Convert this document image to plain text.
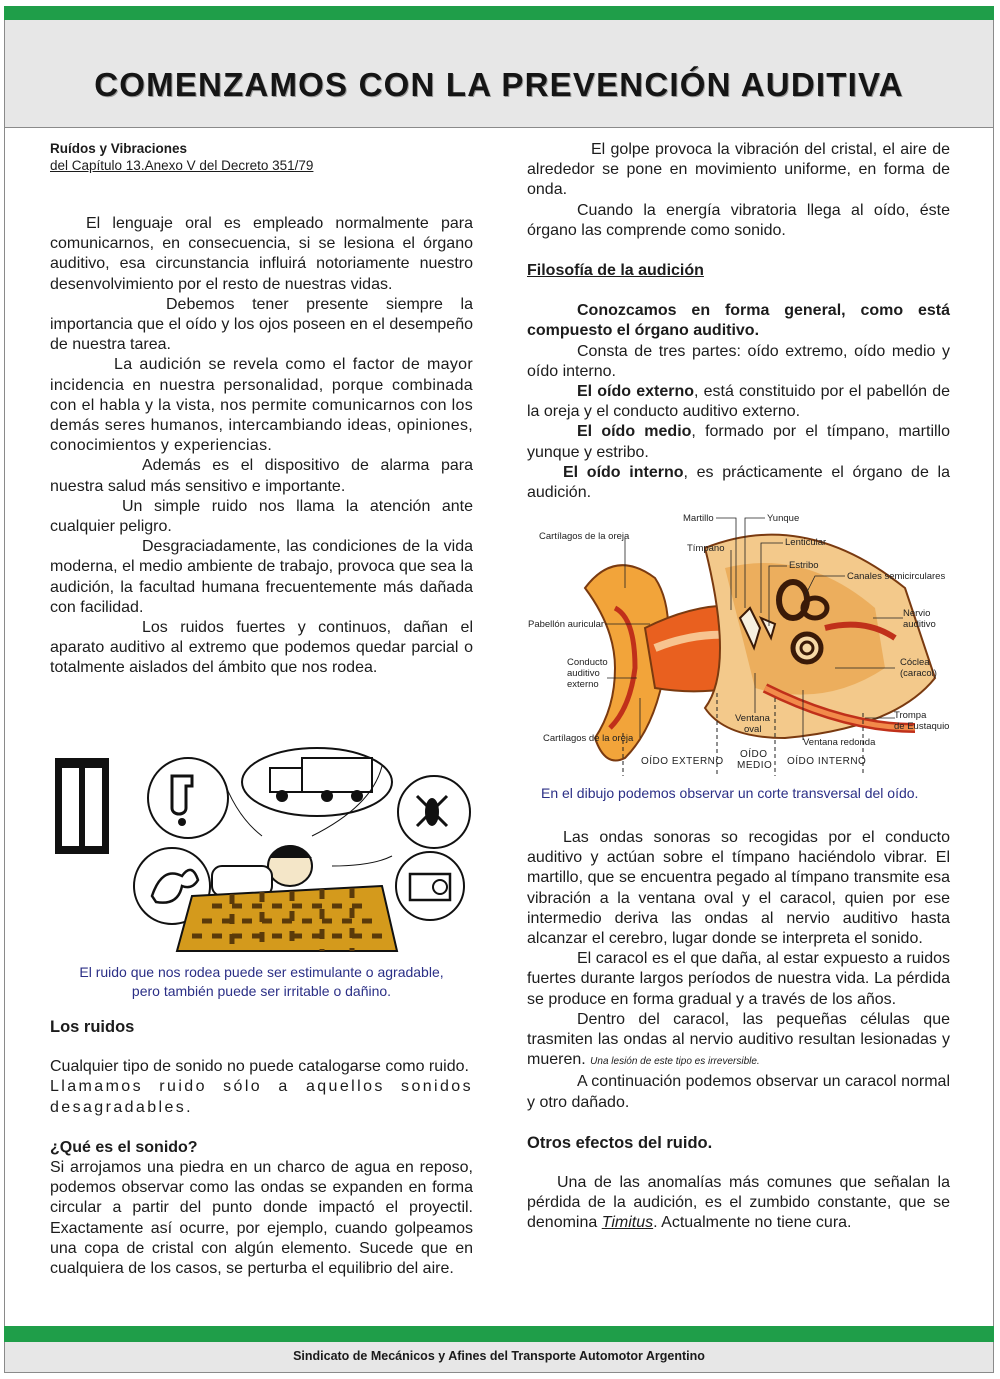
COMENZAMOS CON LA PREVENCIÓN AUDITIVA
Ruídos y Vibraciones
del Capítulo 13.Anexo V del Decreto 351/79

El lenguaje oral es empleado normalmente para comunicarnos, en consecuencia, si se lesiona el órgano auditivo, esa circunstancia influirá notoriamente nuestro desenvolvimiento por el resto de nuestras vidas.

Debemos tener presente siempre la importancia que el oído y los ojos poseen en el desempeño de nuestra tarea.

La audición se revela como el factor de mayor incidencia en nuestra personalidad, porque combinada con el habla y la vista, nos permite comunicarnos con los demás seres humanos, intercambiando ideas, opiniones, conocimientos y experiencias.

Además es el dispositivo de alarma para nuestra salud más sensitivo e importante.

Un simple ruido nos llama la atención ante cualquier peligro.

Desgraciadamente, las condiciones de la vida moderna, el medio ambiente de trabajo, provoca que sea la audición, la facultad humana frecuentemente más dañada con facilidad.

Los ruidos fuertes y continuos, dañan el aparato auditivo al extremo que podemos quedar parcial o totalmente aislados del ámbito que nos rodea.

El ruido que nos rodea puede ser estimulante o agradable,
pero también puede ser irritable o dañino.
Los ruidos

Cualquier tipo de sonido no puede catalogarse como ruido.

Llamamos ruido sólo a aquellos sonidos desagradables.

¿Qué es el sonido?

Si arrojamos una piedra en un charco de agua en reposo, podemos observar como las ondas se expanden en forma circular a partir del punto donde impactó el proyectil. Exactamente así ocurre, por ejemplo, cuando golpeamos una copa de cristal con algún elemento. Sucede que en cualquiera de los casos, se perturba el equilibrio del aire.

El golpe provoca la vibración del cristal, el aire de alrededor se pone en movimiento uniforme, en forma de onda.

Cuando la energía vibratoria llega al oído, éste órgano las comprende como sonido.

Filosofía de la audición

Conozcamos en forma general, como está compuesto el órgano auditivo.

Consta de tres partes: oído extremo, oído medio y oído interno.

El oído externo, está constituido por el pabellón de la oreja y el conducto auditivo externo.

El oído medio, formado por el tímpano, martillo yunque y estribo.

El oído interno, es prácticamente el órgano de la audición.

Martillo	Yunque
Cartílagos de la oreja
Tímpano
Lenticular
Estribo
Canales semicirculares
Pabellón auricular
Nervio
auditivo
Conducto
auditivo
externo
Cóclea
(caracol)
Trompa
de Eustaquio
Ventana
oval
Cartílagos de la oreja	Ventana redonda
OÍDO EXTERNO
OÍDO
MEDIO OÍDO INTERNO
En el dibujo podemos observar un corte transversal del oído.

Las ondas sonoras so recogidas por el conducto auditivo y actúan sobre el tímpano haciéndolo vibrar. El martillo, que se encuentra pegado al tímpano transmite esa vibración a la ventana oval y el caracol, quien por ese intermedio deriva las ondas al nervio auditivo hasta alcanzar el cerebro, lugar donde se interpreta el sonido.

El caracol es el que daña, al estar expuesto a ruidos fuertes durante largos períodos de nuestra vida. La pérdida se produce en forma gradual y a través de los años.

Dentro del caracol, las pequeñas células que trasmiten las ondas al nervio auditivo resultan lesionadas y mueren. Una lesión de este tipo es irreversible.

A continuación podemos observar un caracol normal y otro dañado.

Otros efectos del ruido.

Una de las anomalías más comunes que señalan la pérdida de la audición, es el zumbido constante, que se denomina Timitus. Actualmente no tiene cura.

Sindicato de Mecánicos y Afines del Transporte Automotor Argentino
